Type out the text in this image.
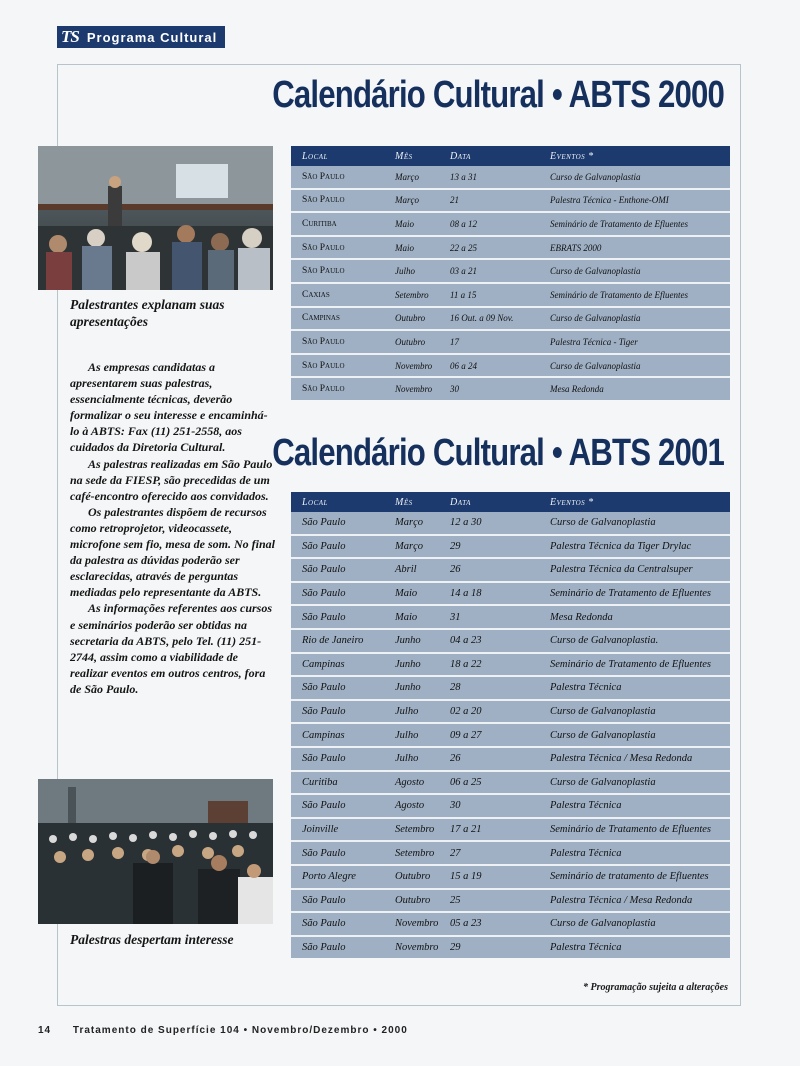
TS Programa Cultural
Calendário Cultural • ABTS 2000
Local	Mês	Data	Eventos *
São Paulo	Março	13 a 31	Curso de Galvanoplastia
São Paulo	Março	21	Palestra Técnica - Enthone-OMI
Curitiba	Maio	08 a 12	Seminário de Tratamento de Efluentes
São Paulo	Maio	22 a 25	EBRATS 2000
São Paulo	Julho	03 a 21	Curso de Galvanoplastia
Caxias	Setembro	11 a 15	Seminário de Tratamento de Efluentes
Campinas	Outubro	16 Out. a 09 Nov.	Curso de Galvanoplastia
São Paulo	Outubro	17	Palestra Técnica - Tiger
São Paulo	Novembro	06 a 24	Curso de Galvanoplastia
São Paulo	Novembro	30	Mesa Redonda
Calendário Cultural • ABTS 2001
Local	Mês	Data	Eventos *
São Paulo	Março	12 a 30	Curso de Galvanoplastia
São Paulo	Março	29	Palestra Técnica da Tiger Drylac
São Paulo	Abril	26	Palestra Técnica da Centralsuper
São Paulo	Maio	14 a 18	Seminário de Tratamento de Efluentes
São Paulo	Maio	31	Mesa Redonda
Rio de Janeiro	Junho	04 a 23	Curso de Galvanoplastia.
Campinas	Junho	18 a 22	Seminário de Tratamento de Efluentes
São Paulo	Junho	28	Palestra Técnica
São Paulo	Julho	02 a 20	Curso de Galvanoplastia
Campinas	Julho	09 a 27	Curso de Galvanoplastia
São Paulo	Julho	26	Palestra Técnica / Mesa Redonda
Curitiba	Agosto	06 a 25	Curso de Galvanoplastia
São Paulo	Agosto	30	Palestra Técnica
Joinville	Setembro	17 a 21	Seminário de Tratamento de Efluentes
São Paulo	Setembro	27	Palestra Técnica
Porto Alegre	Outubro	15 a 19	Seminário de tratamento de Efluentes
São Paulo	Outubro	25	Palestra Técnica / Mesa Redonda
São Paulo	Novembro	05 a 23	Curso de Galvanoplastia
São Paulo	Novembro	29	Palestra Técnica
* Programação sujeita a alterações
Palestrantes explanam suas apresentações

As empresas candidatas a apresentarem suas palestras, essencialmente técnicas, deverão formalizar o seu interesse e encaminhá-lo à ABTS: Fax (11) 251-2558, aos cuidados da Diretoria Cultural.

As palestras realizadas em São Paulo na sede da FIESP, são precedidas de um café-encontro oferecido aos convidados.

Os palestrantes dispõem de recursos como retroprojetor, videocassete, microfone sem fio, mesa de som. No final da palestra as dúvidas poderão ser esclarecidas, através de perguntas mediadas pelo representante da ABTS.

As informações referentes aos cursos e seminários poderão ser obtidas na secretaria da ABTS, pelo Tel. (11) 251-2744, assim como a viabilidade de realizar eventos em outros centros, fora de São Paulo.

Palestras despertam interesse
14 Tratamento de Superfície 104 • Novembro/Dezembro • 2000
